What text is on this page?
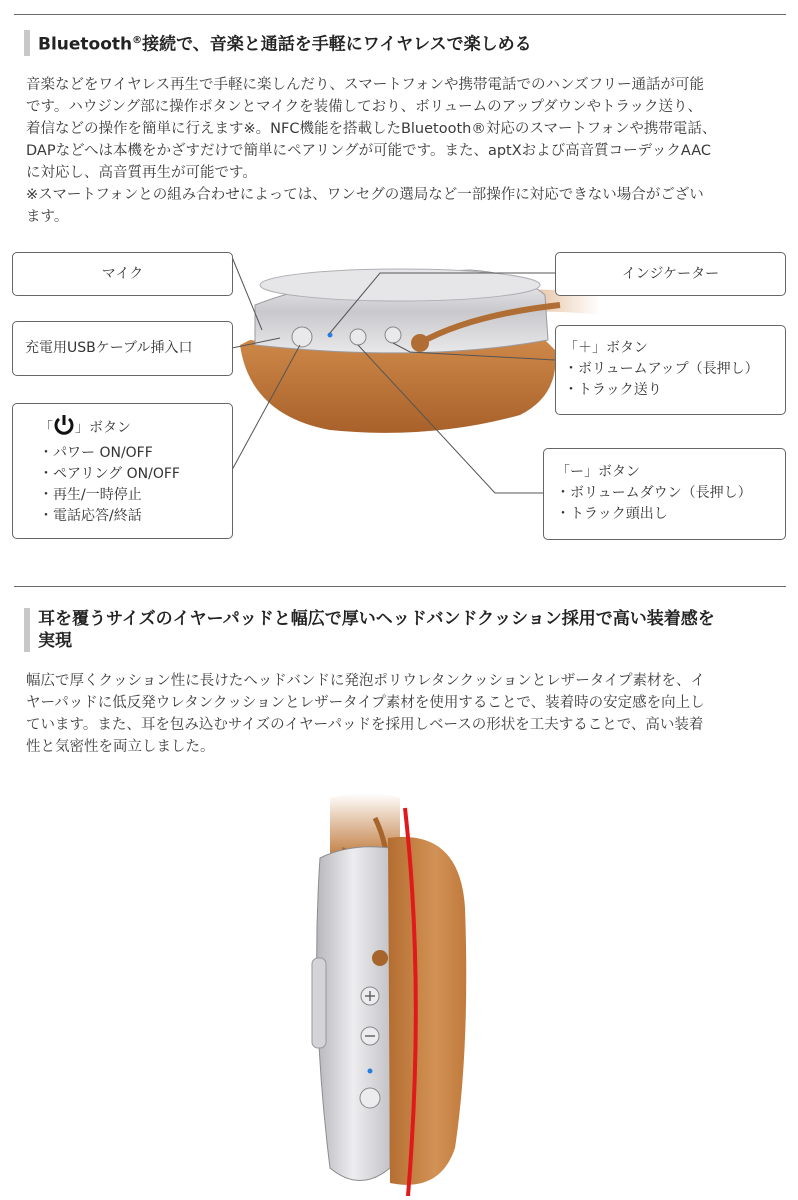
Bluetooth®接続で、音楽と通話を手軽にワイヤレスで楽しめる

音楽などをワイヤレス再生で手軽に楽しんだり、スマートフォンや携帯電話でのハンズフリー通話が可能

です。ハウジング部に操作ボタンとマイクを装備しており、ボリュームのアップダウンやトラック送り、

着信などの操作を簡単に行えます※。NFC機能を搭載したBluetooth®対応のスマートフォンや携帯電話、

DAPなどへは本機をかざすだけで簡単にペアリングが可能です。また、aptXおよび高音質コーデックAAC

に対応し、高音質再生が可能です。

※スマートフォンとの組み合わせによっては、ワンセグの選局など一部操作に対応できない場合がござい

ます。

マイク
充電用USBケーブル挿入口
「 」ボタン
・パワー ON/OFF
・ペアリング ON/OFF
・再生/一時停止
・電話応答/終話
インジケーター
「＋」ボタン
・ボリュームアップ（長押し）
・トラック送り
「ー」ボタン
・ボリュームダウン（長押し）
・トラック頭出し
耳を覆うサイズのイヤーパッドと幅広で厚いヘッドバンドクッション採用で高い装着感を
実現

幅広で厚くクッション性に長けたヘッドバンドに発泡ポリウレタンクッションとレザータイプ素材を、イ

ヤーパッドに低反発ウレタンクッションとレザータイプ素材を使用することで、装着時の安定感を向上し

ています。また、耳を包み込むサイズのイヤーパッドを採用しベースの形状を工夫することで、高い装着

性と気密性を両立しました。
